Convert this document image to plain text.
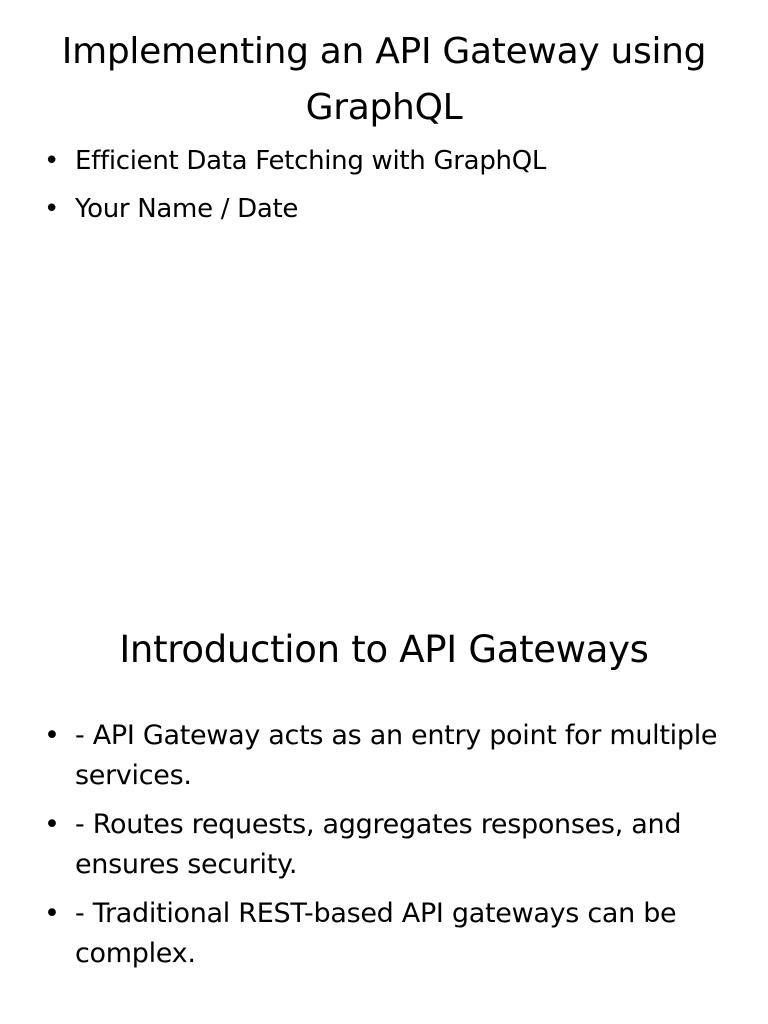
Implementing an API Gateway using GraphQL
• Efficient Data Fetching with GraphQL
• Your Name / Date
Introduction to API Gateways
• - API Gateway acts as an entry point for multiple services.
• - Routes requests, aggregates responses, and ensures security.
• - Traditional REST-based API gateways can be complex.
